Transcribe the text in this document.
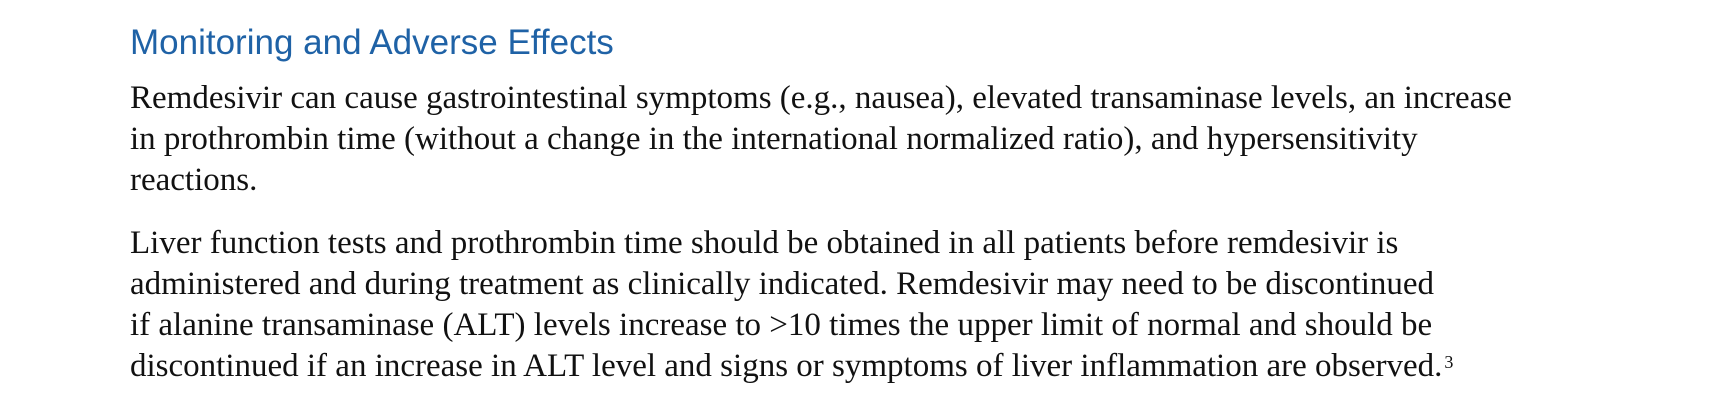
Monitoring and Adverse Effects

Remdesivir can cause gastrointestinal symptoms (e.g., nausea), elevated transaminase levels, an increase
in prothrombin time (without a change in the international normalized ratio), and hypersensitivity
reactions.

Liver function tests and prothrombin time should be obtained in all patients before remdesivir is
administered and during treatment as clinically indicated. Remdesivir may need to be discontinued
if alanine transaminase (ALT) levels increase to >10 times the upper limit of normal and should be
discontinued if an increase in ALT level and signs or symptoms of liver inflammation are observed. $^3$
